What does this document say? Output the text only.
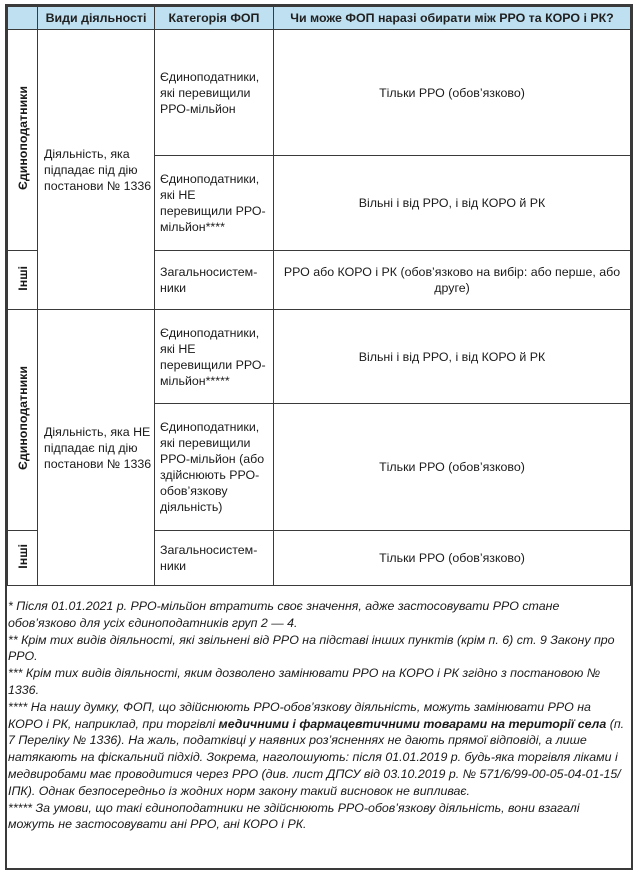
	Види діяльності	Категорія ФОП	Чи може ФОП наразі обирати між РРО та КОРО і РК?
Єдиноподатники	Діяльність, яка підпадає під дію постанови № 1336	Єдиноподатники, які перевищили РРО-мільйон	Тільки РРО (обов’язково)
		Єдиноподатники, які НЕ перевищили РРО-мільйон****	Вільні і від РРО, і від КОРО й РК
Інші		Загальносистем-ники	РРО або КОРО і РК (обов’язково на вибір: або перше, або друге)
Єдиноподатники	Діяльність, яка НЕ підпадає під дію постанови № 1336	Єдиноподатники, які НЕ перевищили РРО-мільйон*****	Вільні і від РРО, і від КОРО й РК
		Єдиноподатники, які перевищили РРО-мільйон (або здійснюють РРО-обов’язкову діяльність)	Тільки РРО (обов’язково)
Інші		Загальносистем-ники	Тільки РРО (обов’язково)

* Після 01.01.2021 р. РРО-мільйон втратить своє значення, адже застосовувати РРО стане обов’язково для усіх єдиноподатників груп 2 — 4.

** Крім тих видів діяльності, які звільнені від РРО на підставі інших пунктів (крім п. 6) ст. 9 Закону про РРО.

*** Крім тих видів діяльності, яким дозволено замінювати РРО на КОРО і РК згідно з постановою № 1336.

**** На нашу думку, ФОП, що здійснюють РРО-обов’язкову діяльність, можуть замінювати РРО на КОРО і РК, наприклад, при торгівлі медичними і фармацевтичними товарами на території села (п. 7 Переліку № 1336). На жаль, податківці у наявних роз’ясненнях не дають прямої відповіді, а лише натякають на фіскальний підхід. Зокрема, наголошують: після 01.01.2019 р. будь-яка торгівля ліками і медвиробами має проводитися через РРО (див. лист ДПСУ від 03.10.2019 р. № 571/6/99-00-05-04-01-15/ІПК). Однак безпосередньо із жодних норм закону такий висновок не випливає.

***** За умови, що такі єдиноподатники не здійснюють РРО-обов’язкову діяльність, вони взагалі можуть не застосовувати ані РРО, ані КОРО і РК.
